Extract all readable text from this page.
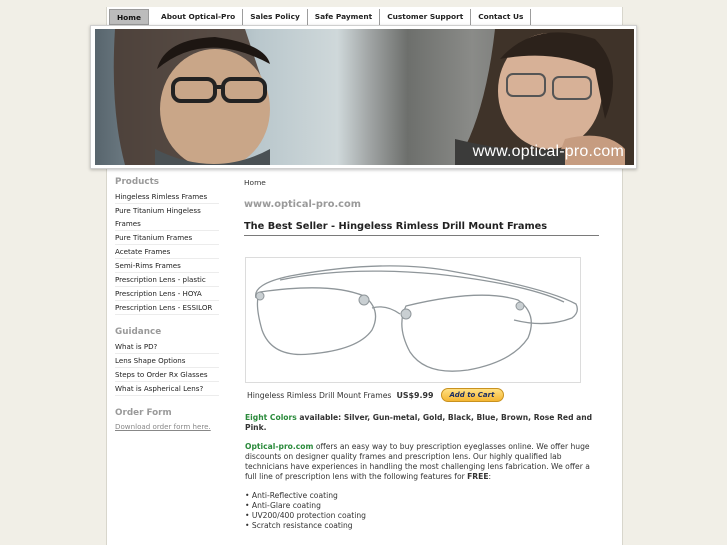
Home	About Optical-Pro	Sales Policy	Safe Payment	Customer Support	Contact Us
www.optical-pro.com
Products
Hingeless Rimless Frames
Pure Titanium Hingeless Frames
Pure Titanium Frames
Acetate Frames
Semi-Rims Frames
Prescription Lens - plastic
Prescription Lens - HOYA
Prescription Lens - ESSILOR
Guidance
What is PD?
Lens Shape Options
Steps to Order Rx Glasses
What is Aspherical Lens?
Order Form
Download order form here.
Home
www.optical-pro.com
The Best Seller - Hingeless Rimless Drill Mount Frames
Hingeless Rimless Drill Mount Frames US$9.99	Add to Cart
Eight Colors available: Silver, Gun-metal, Gold, Black, Blue, Brown, Rose Red and Pink.
Optical-pro.com offers an easy way to buy prescription eyeglasses online. We offer huge discounts on designer quality frames and prescription lens. Our highly qualified lab technicians have experiences in handling the most challenging lens fabrication. We offer a full line of prescription lens with the following features for FREE:
• Anti-Reflective coating
• Anti-Glare coating
• UV200/400 protection coating
• Scratch resistance coating
